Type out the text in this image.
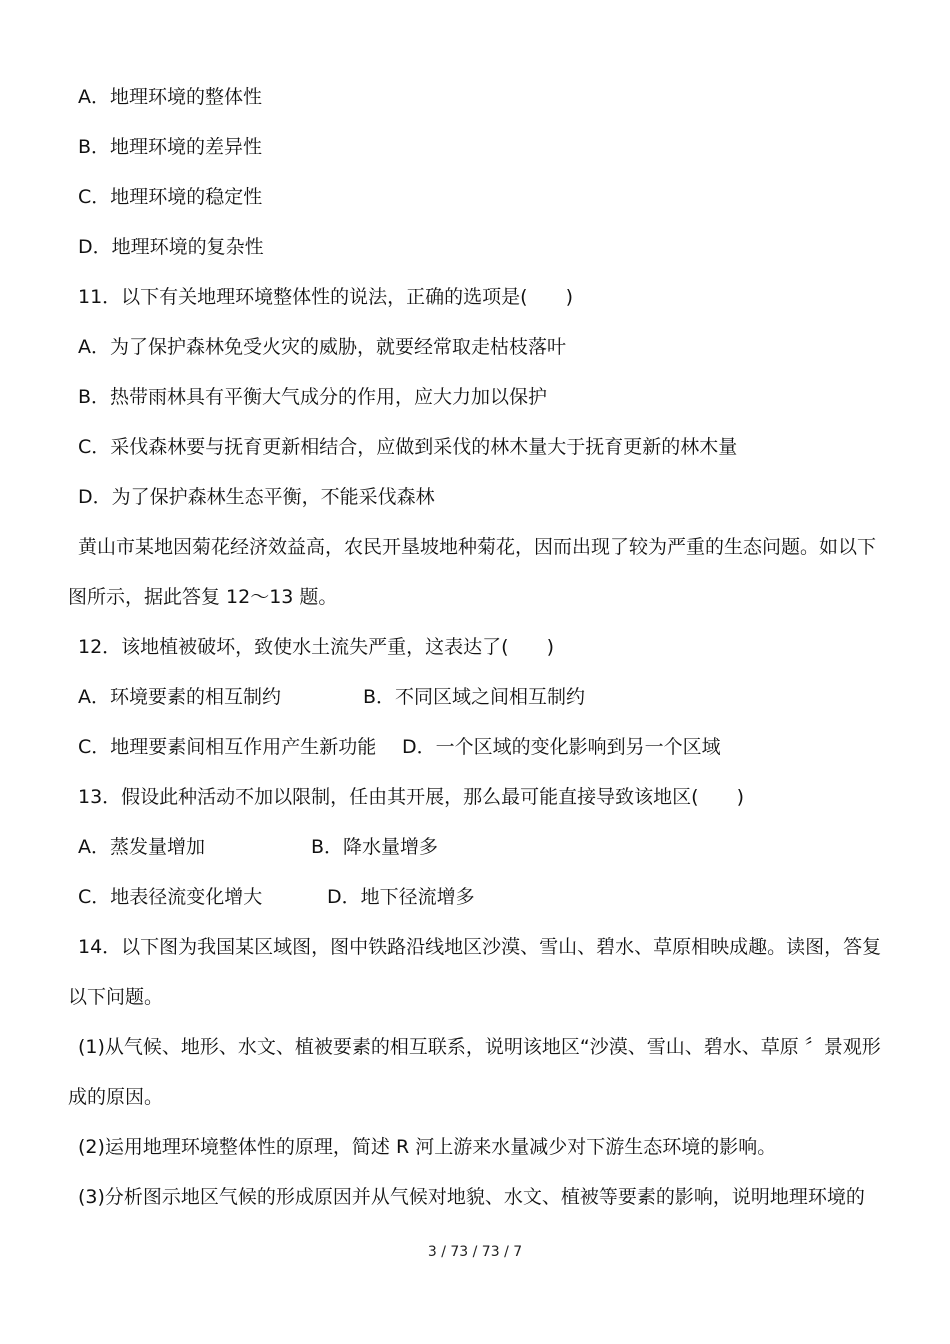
A．地理环境的整体性
B．地理环境的差异性
C．地理环境的稳定性
D．地理环境的复杂性
11．以下有关地理环境整体性的说法，正确的选项是(　　)
A．为了保护森林免受火灾的威胁，就要经常取走枯枝落叶
B．热带雨林具有平衡大气成分的作用，应大力加以保护
C．采伐森林要与抚育更新相结合，应做到采伐的林木量大于抚育更新的林木量
D．为了保护森林生态平衡，不能采伐森林
黄山市某地因菊花经济效益高，农民开垦坡地种菊花，因而出现了较为严重的生态问题。如以下
图所示，据此答复 12～13 题。
12．该地植被破坏，致使水土流失严重，这表达了(　　)
A．环境要素的相互制约	B．不同区域之间相互制约
C．地理要素间相互作用产生新功能 D．一个区域的变化影响到另一个区域
13．假设此种活动不加以限制，任由其开展，那么最可能直接导致该地区(　　)
A．蒸发量增加	B．降水量增多
C．地表径流变化增大	D．地下径流增多
14．以下图为我国某区域图，图中铁路沿线地区沙漠、雪山、碧水、草原相映成趣。读图，答复
以下问题。
(1)从气候、地形、水文、植被要素的相互联系，说明该地区“沙漠、雪山、碧水、草原 〞景观形
成的原因。
(2)运用地理环境整体性的原理，简述 R 河上游来水量减少对下游生态环境的影响。
(3)分析图示地区气候的形成原因并从气候对地貌、水文、植被等要素的影响，说明地理环境的
3 / 73 / 73 / 7
